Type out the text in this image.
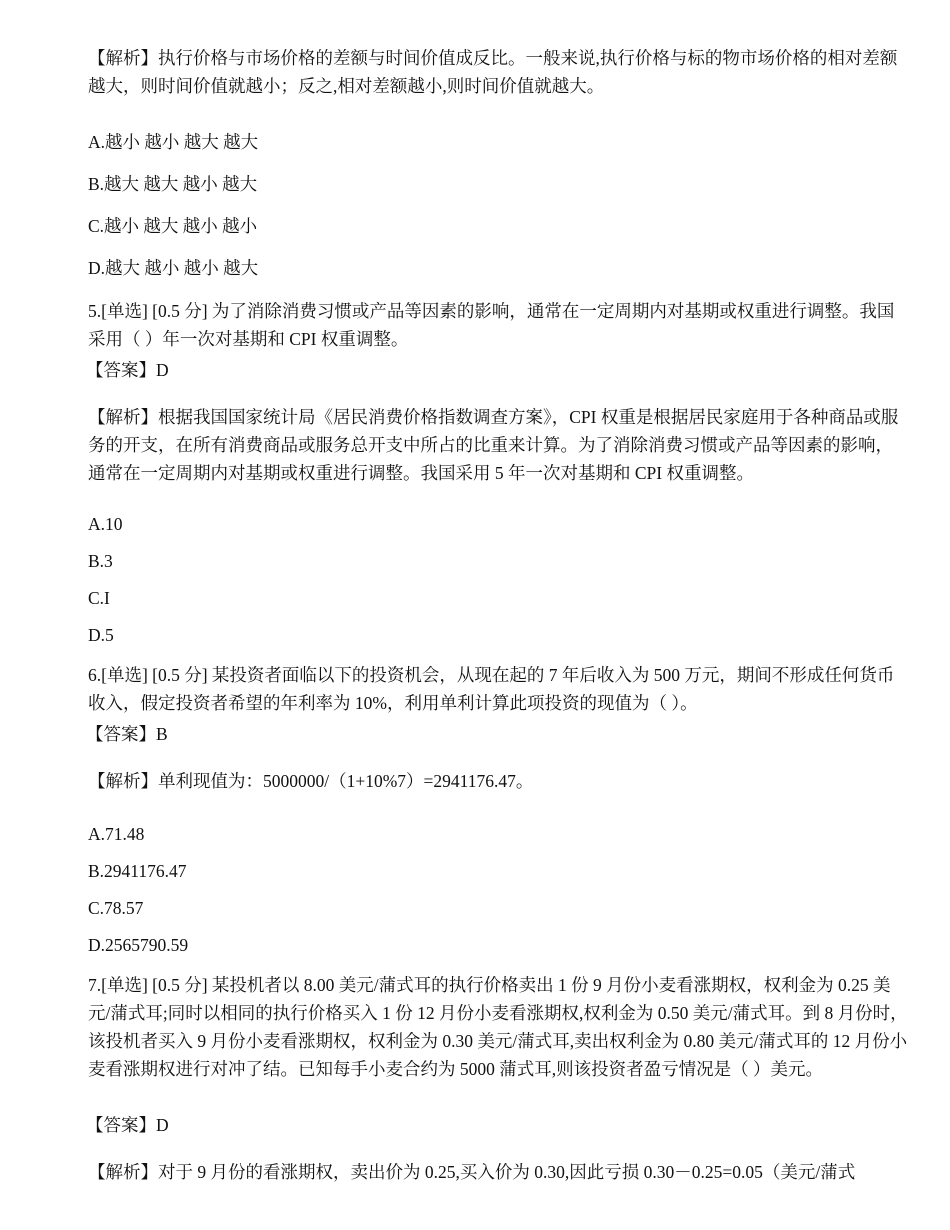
【解析】执行价格与市场价格的差额与时间价值成反比。一般来说,执行价格与标的物市场价格的相对差额越大，则时间价值就越小；反之,相对差额越小,则时间价值就越大。

A.越小 越小 越大 越大
B.越大 越大 越小 越大
C.越小 越大 越小 越小
D.越大 越小 越小 越大

5.[单选] [0.5 分] 为了消除消费习惯或产品等因素的影响，通常在一定周期内对基期或权重进行调整。我国采用（ ）年一次对基期和 CPI 权重调整。

【答案】D

【解析】根据我国国家统计局《居民消费价格指数调查方案》，CPI 权重是根据居民家庭用于各种商品或服务的开支，在所有消费商品或服务总开支中所占的比重来计算。为了消除消费习惯或产品等因素的影响，通常在一定周期内对基期或权重进行调整。我国采用 5 年一次对基期和 CPI 权重调整。

A.10
B.3
C.I
D.5

6.[单选] [0.5 分] 某投资者面临以下的投资机会，从现在起的 7 年后收入为 500 万元，期间不形成任何货币收入，假定投资者希望的年利率为 10%，利用单利计算此项投资的现值为（ ）。

【答案】B

【解析】单利现值为：5000000/（1+10%7）=2941176.47。

A.71.48
B.2941176.47
C.78.57
D.2565790.59

7.[单选] [0.5 分] 某投机者以 8.00 美元/蒲式耳的执行价格卖出 1 份 9 月份小麦看涨期权，权利金为 0.25 美元/蒲式耳;同时以相同的执行价格买入 1 份 12 月份小麦看涨期权,权利金为 0.50 美元/蒲式耳。到 8 月份时，该投机者买入 9 月份小麦看涨期权，权利金为 0.30 美元/蒲式耳,卖出权利金为 0.80 美元/蒲式耳的 12 月份小麦看涨期权进行对冲了结。已知每手小麦合约为 5000 蒲式耳,则该投资者盈亏情况是（ ）美元。

【答案】D

【解析】对于 9 月份的看涨期权，卖出价为 0.25,买入价为 0.30,因此亏损 0.30－0.25=0.05（美元/蒲式
